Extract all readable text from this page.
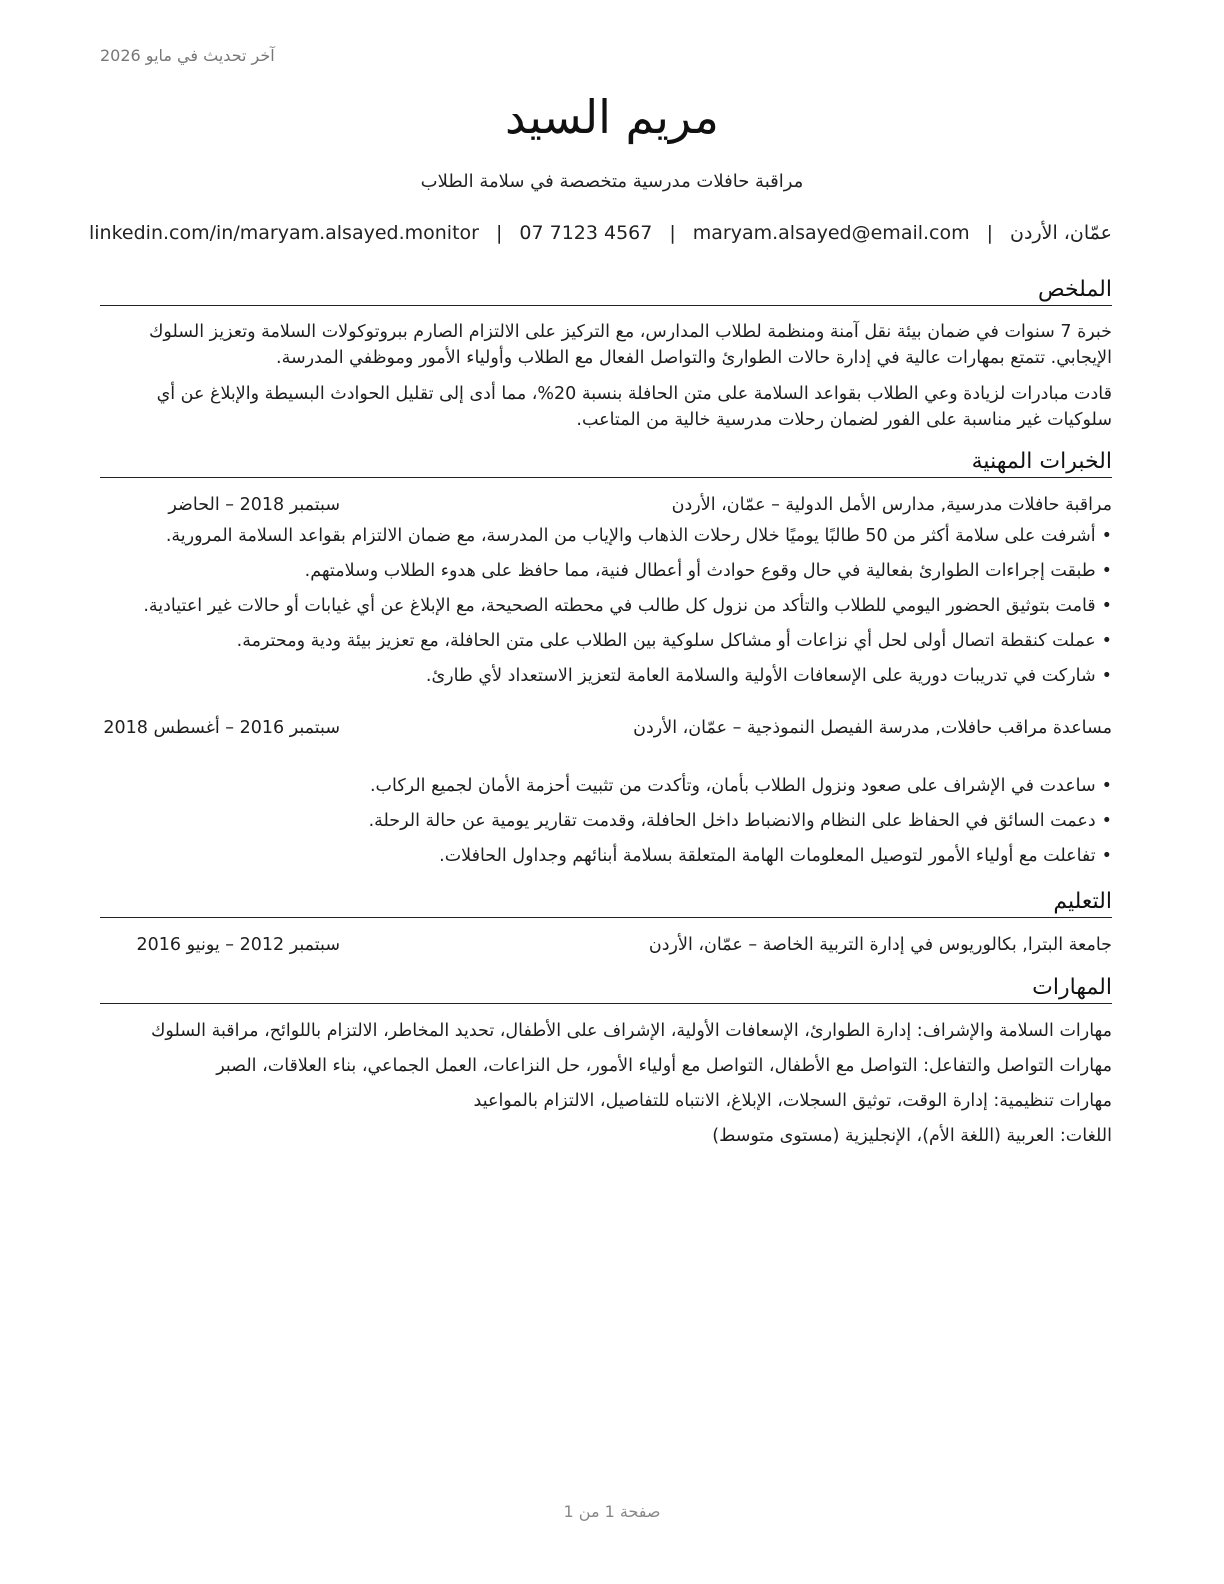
آخر تحديث في مايو 2026
مريم السيد
مراقبة حافلات مدرسية متخصصة في سلامة الطلاب
عمّان، الأردن|maryam.alsayed@email.com|07 7123 4567|linkedin.com/in/maryam.alsayed.monitor
الملخص
خبرة 7 سنوات في ضمان بيئة نقل آمنة ومنظمة لطلاب المدارس، مع التركيز على الالتزام الصارم ببروتوكولات السلامة وتعزيز السلوك الإيجابي. تتمتع بمهارات عالية في إدارة حالات الطوارئ والتواصل الفعال مع الطلاب وأولياء الأمور وموظفي المدرسة.
قادت مبادرات لزيادة وعي الطلاب بقواعد السلامة على متن الحافلة بنسبة 20%، مما أدى إلى تقليل الحوادث البسيطة والإبلاغ عن أي سلوكيات غير مناسبة على الفور لضمان رحلات مدرسية خالية من المتاعب.
الخبرات المهنية
مراقبة حافلات مدرسية, مدارس الأمل الدولية – عمّان، الأردن
سبتمبر 2018 – الحاضر
•أشرفت على سلامة أكثر من 50 طالبًا يوميًا خلال رحلات الذهاب والإياب من المدرسة، مع ضمان الالتزام بقواعد السلامة المرورية.
•طبقت إجراءات الطوارئ بفعالية في حال وقوع حوادث أو أعطال فنية، مما حافظ على هدوء الطلاب وسلامتهم.
•قامت بتوثيق الحضور اليومي للطلاب والتأكد من نزول كل طالب في محطته الصحيحة، مع الإبلاغ عن أي غيابات أو حالات غير اعتيادية.
•عملت كنقطة اتصال أولى لحل أي نزاعات أو مشاكل سلوكية بين الطلاب على متن الحافلة، مع تعزيز بيئة ودية ومحترمة.
•شاركت في تدريبات دورية على الإسعافات الأولية والسلامة العامة لتعزيز الاستعداد لأي طارئ.
مساعدة مراقب حافلات, مدرسة الفيصل النموذجية – عمّان، الأردن
سبتمبر 2016 – أغسطس 2018
•ساعدت في الإشراف على صعود ونزول الطلاب بأمان، وتأكدت من تثبيت أحزمة الأمان لجميع الركاب.
•دعمت السائق في الحفاظ على النظام والانضباط داخل الحافلة، وقدمت تقارير يومية عن حالة الرحلة.
•تفاعلت مع أولياء الأمور لتوصيل المعلومات الهامة المتعلقة بسلامة أبنائهم وجداول الحافلات.
التعليم
جامعة البترا, بكالوريوس في إدارة التربية الخاصة – عمّان، الأردن
سبتمبر 2012 – يونيو 2016
المهارات
مهارات السلامة والإشراف: إدارة الطوارئ، الإسعافات الأولية، الإشراف على الأطفال، تحديد المخاطر، الالتزام باللوائح، مراقبة السلوك
مهارات التواصل والتفاعل: التواصل مع الأطفال، التواصل مع أولياء الأمور، حل النزاعات، العمل الجماعي، بناء العلاقات، الصبر
مهارات تنظيمية: إدارة الوقت، توثيق السجلات، الإبلاغ، الانتباه للتفاصيل، الالتزام بالمواعيد
اللغات: العربية (اللغة الأم)، الإنجليزية (مستوى متوسط)
صفحة 1 من 1
